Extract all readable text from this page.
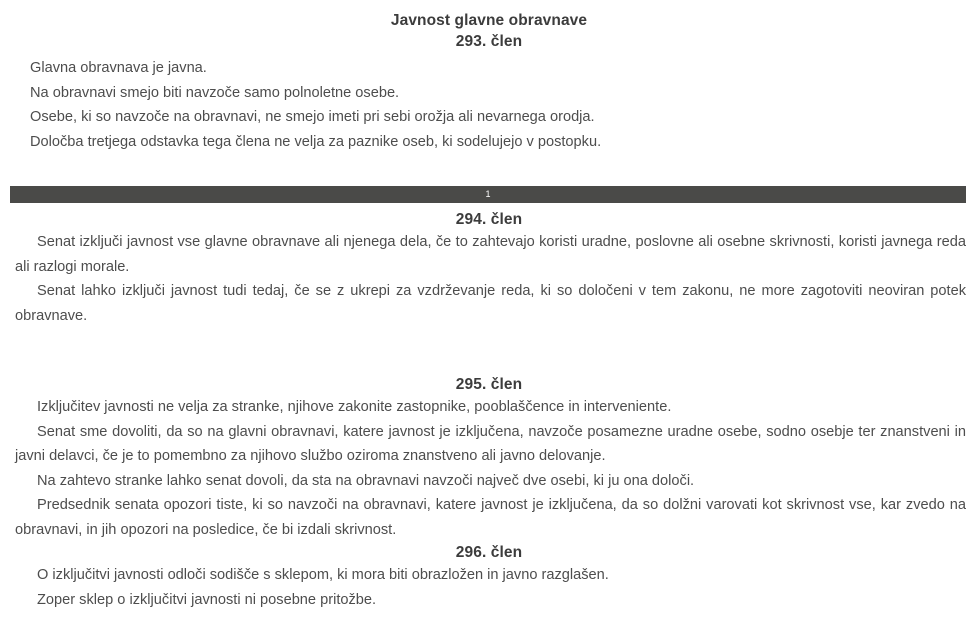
Javnost glavne obravnave
293. člen

Glavna obravnava je javna.

Na obravnavi smejo biti navzoče samo polnoletne osebe.

Osebe, ki so navzoče na obravnavi, ne smejo imeti pri sebi orožja ali nevarnega orodja.

Določba tretjega odstavka tega člena ne velja za paznike oseb, ki sodelujejo v postopku.

1
294. člen

Senat izključi javnost vse glavne obravnave ali njenega dela, če to zahtevajo koristi uradne, poslovne ali osebne skrivnosti, koristi javnega reda ali razlogi morale.

Senat lahko izključi javnost tudi tedaj, če se z ukrepi za vzdrževanje reda, ki so določeni v tem zakonu, ne more zagotoviti neoviran potek obravnave.

295. člen

Izključitev javnosti ne velja za stranke, njihove zakonite zastopnike, pooblaščence in interveniente.

Senat sme dovoliti, da so na glavni obravnavi, katere javnost je izključena, navzoče posamezne uradne osebe, sodno osebje ter znanstveni in javni delavci, če je to pomembno za njihovo službo oziroma znanstveno ali javno delovanje.

Na zahtevo stranke lahko senat dovoli, da sta na obravnavi navzoči največ dve osebi, ki ju ona določi.

Predsednik senata opozori tiste, ki so navzoči na obravnavi, katere javnost je izključena, da so dolžni varovati kot skrivnost vse, kar zvedo na obravnavi, in jih opozori na posledice, če bi izdali skrivnost.

296. člen

O izključitvi javnosti odloči sodišče s sklepom, ki mora biti obrazložen in javno razglašen.

Zoper sklep o izključitvi javnosti ni posebne pritožbe.
